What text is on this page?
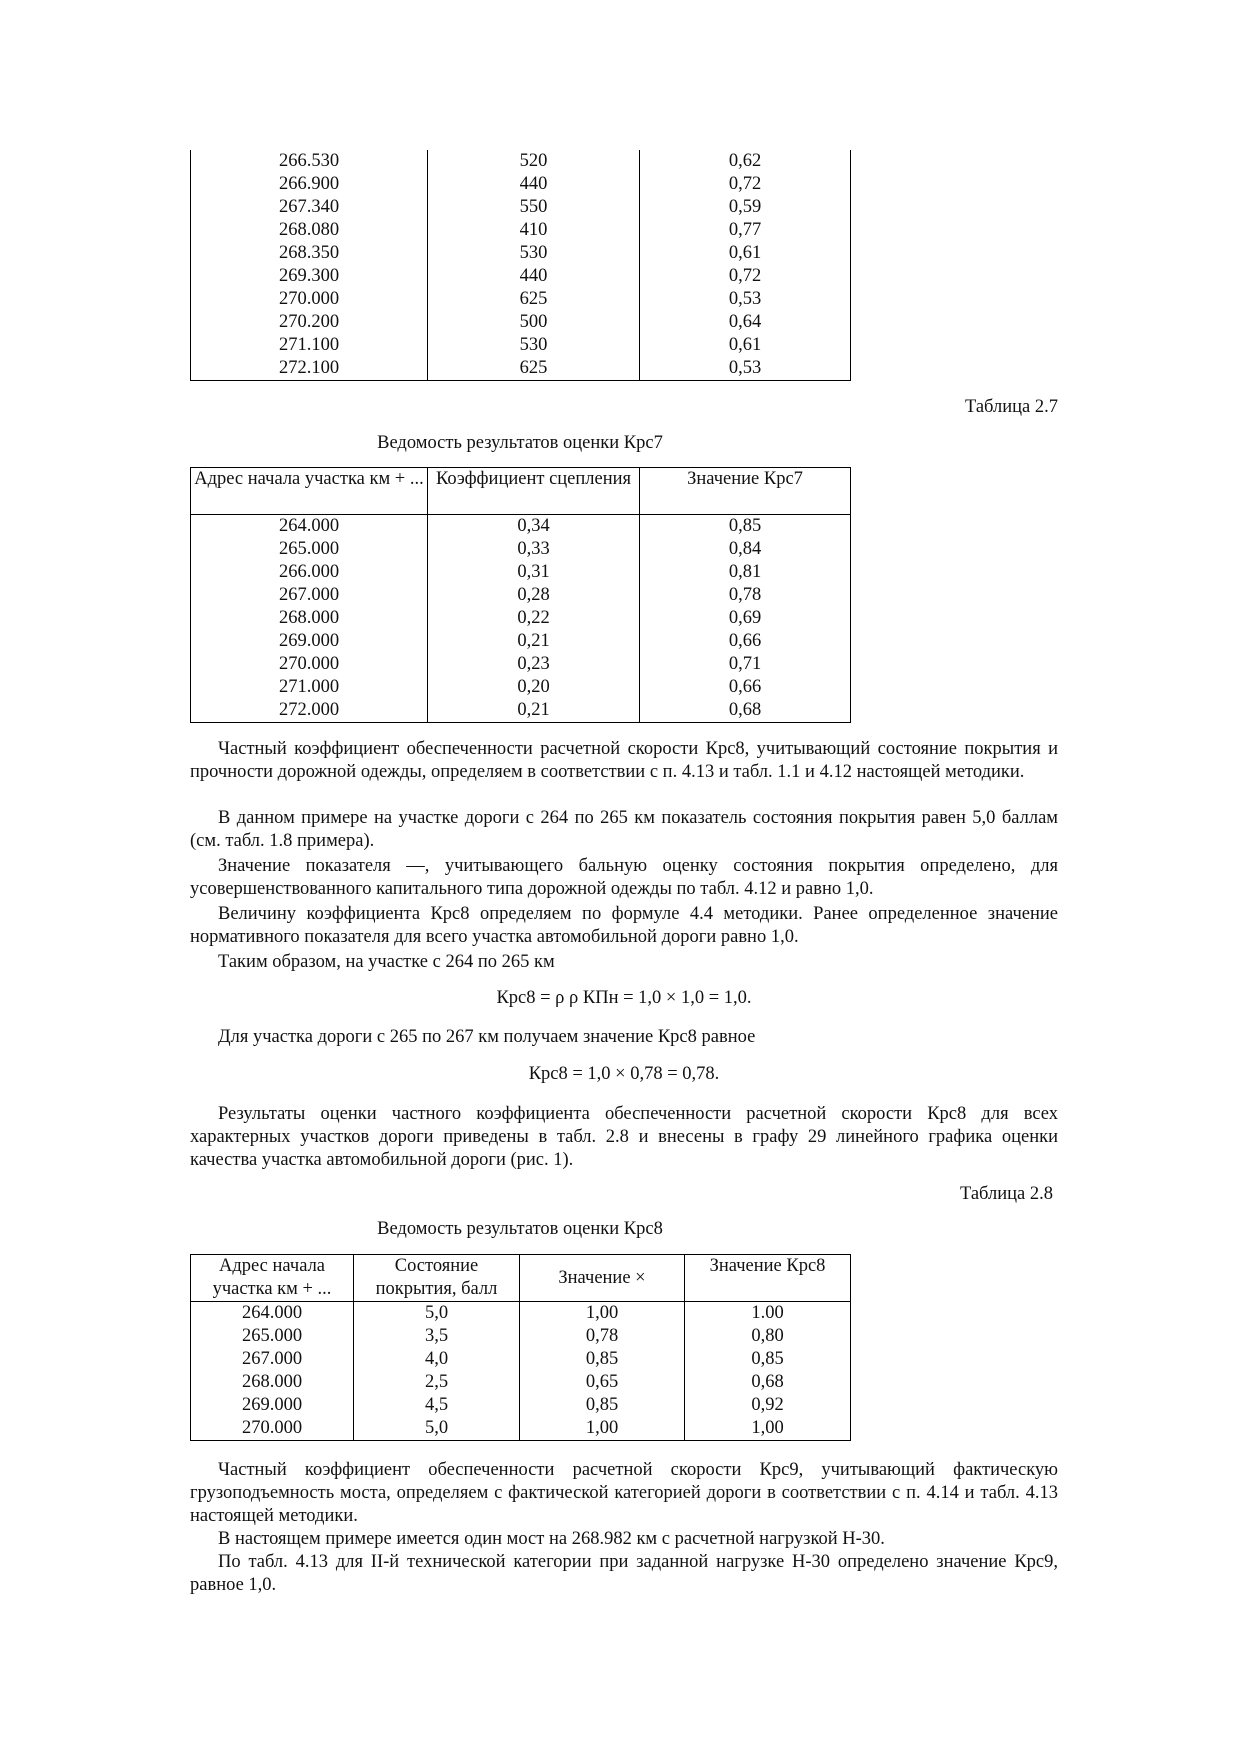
266.530	520	0,62
266.900	440	0,72
267.340	550	0,59
268.080	410	0,77
268.350	530	0,61
269.300	440	0,72
270.000	625	0,53
270.200	500	0,64
271.100	530	0,61
272.100	625	0,53
Таблица 2.7
Ведомость результатов оценки Крс7
Адрес начала участка км + ...	Коэффициент сцепления	Значение Крс7
264.000	0,34	0,85
265.000	0,33	0,84
266.000	0,31	0,81
267.000	0,28	0,78
268.000	0,22	0,69
269.000	0,21	0,66
270.000	0,23	0,71
271.000	0,20	0,66
272.000	0,21	0,68

Частный коэффициент обеспеченности расчетной скорости Крс8, учитывающий состояние покрытия и прочности дорожной одежды, определяем в соответствии с п. 4.13 и табл. 1.1 и 4.12 настоящей методики.

В данном примере на участке дороги с 264 по 265 км показатель состояния покрытия равен 5,0 баллам (см. табл. 1.8 примера).

Значение показателя —, учитывающего бальную оценку состояния покрытия определено, для усовершенствованного капитального типа дорожной одежды по табл. 4.12 и равно 1,0.

Величину коэффициента Крс8 определяем по формуле 4.4 методики. Ранее определенное значение нормативного показателя для всего участка автомобильной дороги равно 1,0.

Таким образом, на участке с 264 по 265 км

Крс8 = ρ ρ КПн = 1,0 × 1,0 = 1,0.

Для участка дороги с 265 по 267 км получаем значение Крс8 равное

Крс8 = 1,0 × 0,78 = 0,78.

Результаты оценки частного коэффициента обеспеченности расчетной скорости Крс8 для всех характерных участков дороги приведены в табл. 2.8 и внесены в графу 29 линейного графика оценки качества участка автомобильной дороги (рис. 1).

Таблица 2.8
Ведомость результатов оценки Крс8
Адрес начала участка км + ...	Состояние покрытия, балл	Значение ×	Значение Крс8
264.000	5,0	1,00	1.00
265.000	3,5	0,78	0,80
267.000	4,0	0,85	0,85
268.000	2,5	0,65	0,68
269.000	4,5	0,85	0,92
270.000	5,0	1,00	1,00

Частный коэффициент обеспеченности расчетной скорости Крс9, учитывающий фактическую грузоподъемность моста, определяем с фактической категорией дороги в соответствии с п. 4.14 и табл. 4.13 настоящей методики.

В настоящем примере имеется один мост на 268.982 км с расчетной нагрузкой Н-30.

По табл. 4.13 для II-й технической категории при заданной нагрузке Н-30 определено значение Крс9, равное 1,0.
